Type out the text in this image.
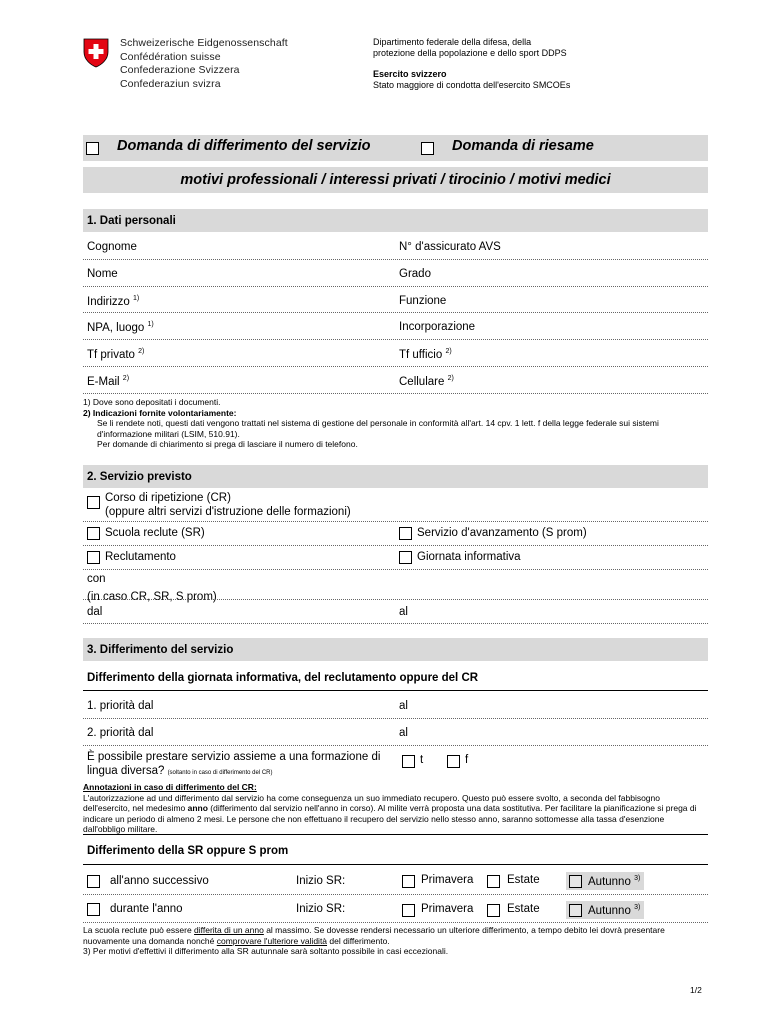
Schweizerische Eidgenossenschaft
Confédération suisse
Confederazione Svizzera
Confederaziun svizra
Dipartimento federale della difesa, della
protezione della popolazione e dello sport DDPS
Esercito svizzero
Stato maggiore di condotta dell'esercito SMCOEs
Domanda di differimento del servizio	Domanda di riesame
motivi professionali / interessi privati / tirocinio / motivi medici
1. Dati personali
Cognome	N° d'assicurato AVS
Nome	Grado
Indirizzo $^{1)}$	Funzione
NPA, luogo $^{1)}$	Incorporazione
Tf privato $^{2)}$	Tf ufficio $^{2)}$
E-Mail $^{2)}$	Cellulare $^{2)}$
1) Dove sono depositati i documenti.
2) Indicazioni fornite volontariamente:
Se li rendete noti, questi dati vengono trattati nel sistema di gestione del personale in conformità all'art. 14 cpv. 1 lett. f della legge federale sui sistemi d'informazione militari (LSIM, 510.91).
Per domande di chiarimento si prega di lasciare il numero di telefono.
2. Servizio previsto
Corso di ripetizione (CR)
(oppure altri servizi d'istruzione delle formazioni)
Scuola reclute (SR)	Servizio d'avanzamento (S prom)
Reclutamento	Giornata informativa
con
(in caso CR, SR, S prom)
dal	al
3. Differimento del servizio
Differimento della giornata informativa, del reclutamento oppure del CR
1. priorità dal	al
2. priorità dal	al
È possibile prestare servizio assieme a una formazione di
lingua diversa? (soltanto in caso di differimento del CR)
t	f
Annotazioni in caso di differimento del CR:
L'autorizzazione ad und differimento dal servizio ha come conseguenza un suo immediato recupero. Questo può essere svolto, a seconda del fabbisogno dell'esercito, nel medesimo anno (differimento dal servizio nell'anno in corso). Al milite verrà proposta una data sostitutiva. Per facilitare la pianificazione si prega di indicare un periodo di almeno 2 mesi. Le persone che non effettuano il recupero del servizio nello stesso anno, saranno sottomesse alla tassa d'esenzione dall'obbligo militare.
Differimento della SR oppure S prom
all'anno successivo	Inizio SR:	Primavera	Estate	Autunno $^{3)}$
durante l'anno	Inizio SR:	Primavera	Estate	Autunno $^{3)}$
La scuola reclute può essere differita di un anno al massimo. Se dovesse rendersi necessario un ulteriore differimento, a tempo debito lei dovrà presentare nuovamente una domanda nonché comprovare l'ulteriore validità del differimento.
3) Per motivi d'effettivi il differimento alla SR autunnale sarà soltanto possibile in casi eccezionali.
1/2
